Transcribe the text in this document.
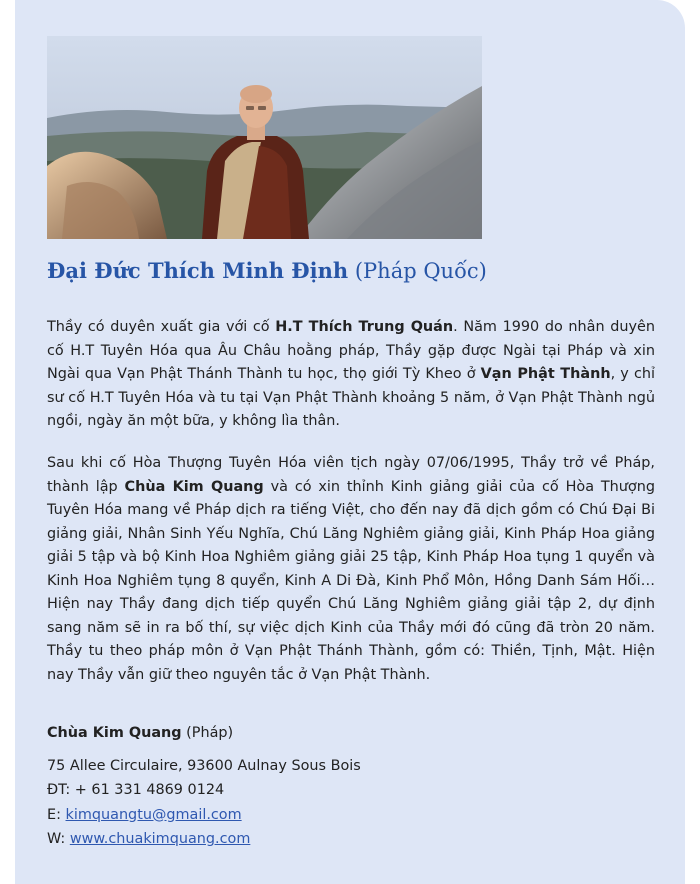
Đại Đức Thích Minh Định (Pháp Quốc)

Thầy có duyên xuất gia với cố H.T Thích Trung Quán. Năm 1990 do nhân duyên cố H.T Tuyên Hóa qua Âu Châu hoằng pháp, Thầy gặp được Ngài tại Pháp và xin Ngài qua Vạn Phật Thánh Thành tu học, thọ giới Tỳ Kheo ở Vạn Phật Thành, y chỉ sư cố H.T Tuyên Hóa và tu tại Vạn Phật Thành khoảng 5 năm, ở Vạn Phật Thành ngủ ngồi, ngày ăn một bữa, y không lìa thân.

Sau khi cố Hòa Thượng Tuyên Hóa viên tịch ngày 07/06/1995, Thầy trở về Pháp, thành lập Chùa Kim Quang và có xin thỉnh Kinh giảng giải của cố Hòa Thượng Tuyên Hóa mang về Pháp dịch ra tiếng Việt, cho đến nay đã dịch gồm có Chú Đại Bi giảng giải, Nhân Sinh Yếu Nghĩa, Chú Lăng Nghiêm giảng giải, Kinh Pháp Hoa giảng giải 5 tập và bộ Kinh Hoa Nghiêm giảng giải 25 tập, Kinh Pháp Hoa tụng 1 quyển và Kinh Hoa Nghiêm tụng 8 quyển, Kinh A Di Đà, Kinh Phổ Môn, Hồng Danh Sám Hối… Hiện nay Thầy đang dịch tiếp quyển Chú Lăng Nghiêm giảng giải tập 2, dự định sang năm sẽ in ra bố thí, sự việc dịch Kinh của Thầy mới đó cũng đã tròn 20 năm. Thầy tu theo pháp môn ở Vạn Phật Thánh Thành, gồm có: Thiền, Tịnh, Mật. Hiện nay Thầy vẫn giữ theo nguyên tắc ở Vạn Phật Thành.

Chùa Kim Quang (Pháp)
75 Allee Circulaire, 93600 Aulnay Sous Bois
ĐT: + 61 331 4869 0124
E: kimquangtu@gmail.com
W: www.chuakimquang.com
